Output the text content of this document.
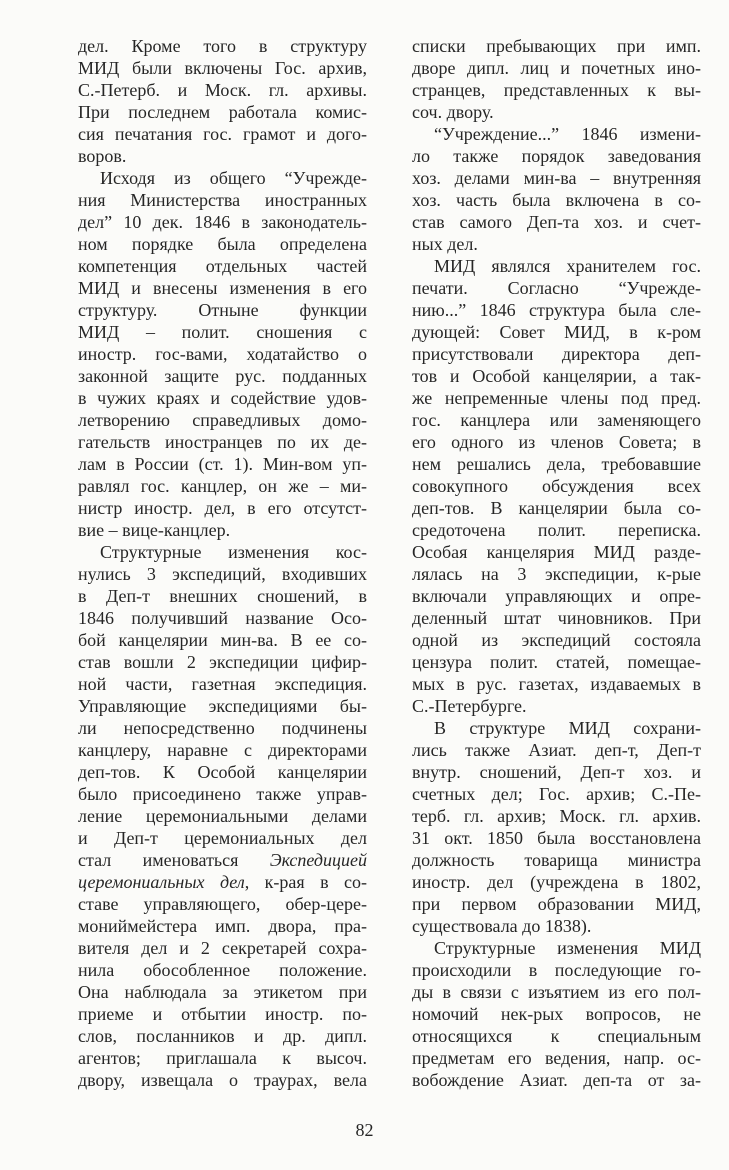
дел. Кроме того в структуру
МИД были включены Гос. архив,
С.-Петерб. и Моск. гл. архивы.
При последнем работала комис-
сия печатания гос. грамот и дого-
воров.
Исходя из общего “Учрежде-
ния Министерства иностранных
дел” 10 дек. 1846 в законодатель-
ном порядке была определена
компетенция отдельных частей
МИД и внесены изменения в его
структуру. Отныне функции
МИД – полит. сношения с
иностр. гос-вами, ходатайство о
законной защите рус. подданных
в чужих краях и содействие удов-
летворению справедливых домо-
гательств иностранцев по их де-
лам в России (ст. 1). Мин-вом уп-
равлял гос. канцлер, он же – ми-
нистр иностр. дел, в его отсутст-
вие – вице-канцлер.
Структурные изменения кос-
нулись 3 экспедиций, входивших
в Деп-т внешних сношений, в
1846 получивший название Осо-
бой канцелярии мин-ва. В ее со-
став вошли 2 экспедиции цифир-
ной части, газетная экспедиция.
Управляющие экспедициями бы-
ли непосредственно подчинены
канцлеру, наравне с директорами
деп-тов. К Особой канцелярии
было присоединено также управ-
ление церемониальными делами
и Деп-т церемониальных дел
стал именоваться Экспедицией
церемониальных дел, к-рая в со-
ставе управляющего, обер-цере-
мониймейстера имп. двора, пра-
вителя дел и 2 секретарей сохра-
нила обособленное положение.
Она наблюдала за этикетом при
приеме и отбытии иностр. по-
слов, посланников и др. дипл.
агентов; приглашала к высоч.
двору, извещала о траурах, вела
списки пребывающих при имп.
дворе дипл. лиц и почетных ино-
странцев, представленных к вы-
соч. двору.
“Учреждение...” 1846 измени-
ло также порядок заведования
хоз. делами мин-ва – внутренняя
хоз. часть была включена в со-
став самого Деп-та хоз. и счет-
ных дел.
МИД являлся хранителем гос.
печати. Согласно “Учрежде-
нию...” 1846 структура была сле-
дующей: Совет МИД, в к-ром
присутствовали директора деп-
тов и Особой канцелярии, а так-
же непременные члены под пред.
гос. канцлера или заменяющего
его одного из членов Совета; в
нем решались дела, требовавшие
совокупного обсуждения всех
деп-тов. В канцелярии была со-
средоточена полит. переписка.
Особая канцелярия МИД разде-
лялась на 3 экспедиции, к-рые
включали управляющих и опре-
деленный штат чиновников. При
одной из экспедиций состояла
цензура полит. статей, помещае-
мых в рус. газетах, издаваемых в
С.-Петербурге.
В структуре МИД сохрани-
лись также Азиат. деп-т, Деп-т
внутр. сношений, Деп-т хоз. и
счетных дел; Гос. архив; С.-Пе-
терб. гл. архив; Моск. гл. архив.
31 окт. 1850 была восстановлена
должность товарища министра
иностр. дел (учреждена в 1802,
при первом образовании МИД,
существовала до 1838).
Структурные изменения МИД
происходили в последующие го-
ды в связи с изъятием из его пол-
номочий нек-рых вопросов, не
относящихся к специальным
предметам его ведения, напр. ос-
вобождение Азиат. деп-та от за-
82
